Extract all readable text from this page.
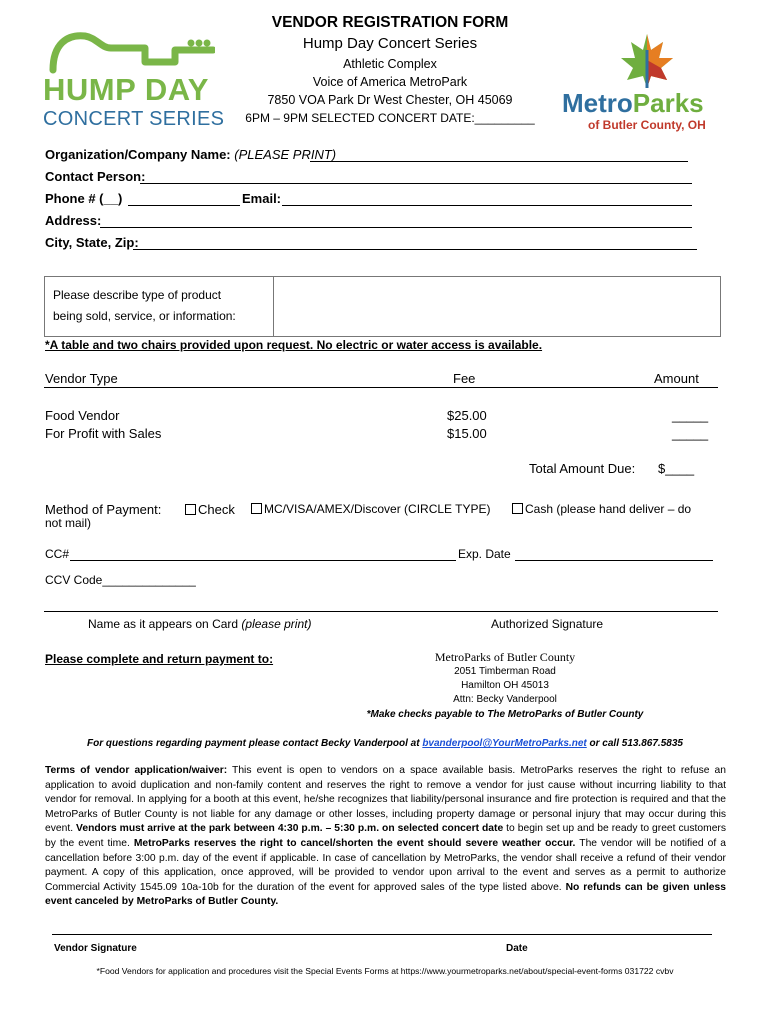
HUMP DAY
CONCERT SERIES
VENDOR REGISTRATION FORM
Hump Day Concert Series
Athletic Complex
Voice of America MetroPark
7850 VOA Park Dr West Chester, OH 45069
6PM – 9PM SELECTED CONCERT DATE:_________	MetroParks
of Butler County, OH
Organization/Company Name: (PLEASE PRINT)
Contact Person:
Phone # (__)	Email:
Address:
City, State, Zip:
Please describe type of product
being sold, service, or information:
*A table and two chairs provided upon request. No electric or water access is available.
Vendor Type	Fee	Amount
Food Vendor	$25.00	_____
For Profit with Sales	$15.00	_____
Total Amount Due: $____
Method of Payment:	Check	MC/VISA/AMEX/Discover (CIRCLE TYPE)	Cash (please hand deliver – do
not mail)
CC#	Exp. Date
CCV Code______________
Name as it appears on Card (please print)	Authorized Signature
Please complete and return payment to:	MetroParks of Butler County
2051 Timberman Road
Hamilton OH 45013
Attn: Becky Vanderpool
*Make checks payable to The MetroParks of Butler County
For questions regarding payment please contact Becky Vanderpool at bvanderpool@YourMetroParks.net or call 513.867.5835
Terms of vendor application/waiver: This event is open to vendors on a space available basis. MetroParks reserves the right to refuse an application to avoid duplication and non-family content and reserves the right to remove a vendor for just cause without incurring liability to that vendor for removal. In applying for a booth at this event, he/she recognizes that liability/personal insurance and fire protection is required and that the MetroParks of Butler County is not liable for any damage or other losses, including property damage or personal injury that may occur during this event. Vendors must arrive at the park between 4:30 p.m. – 5:30 p.m. on selected concert date to begin set up and be ready to greet customers by the event time. MetroParks reserves the right to cancel/shorten the event should severe weather occur. The vendor will be notified of a cancellation before 3:00 p.m. day of the event if applicable. In case of cancellation by MetroParks, the vendor shall receive a refund of their vendor payment. A copy of this application, once approved, will be provided to vendor upon arrival to the event and serves as a permit to authorize Commercial Activity 1545.09 10a-10b for the duration of the event for approved sales of the type listed above. No refunds can be given unless event canceled by MetroParks of Butler County.
Vendor Signature	Date
*Food Vendors for application and procedures visit the Special Events Forms at https://www.yourmetroparks.net/about/special-event-forms 031722 cvbv
